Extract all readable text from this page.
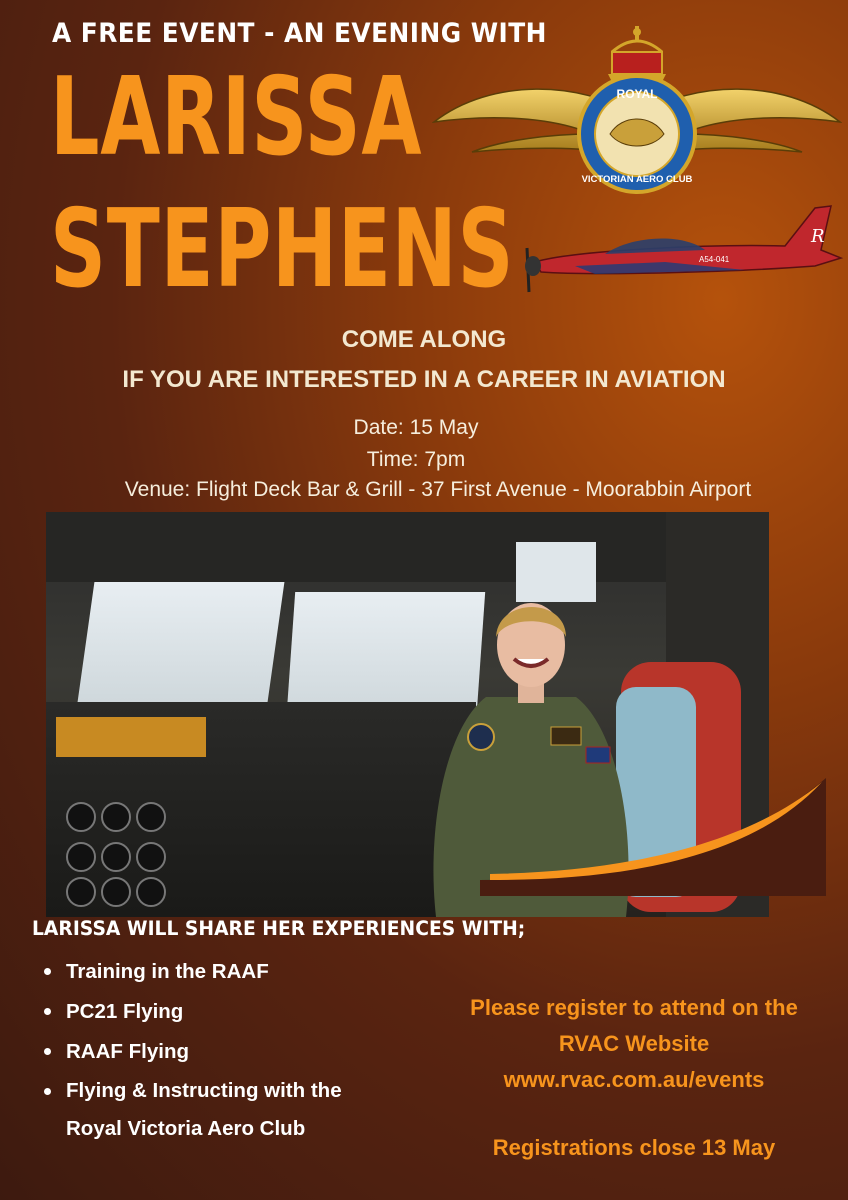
A FREE EVENT - AN EVENING WITH
LARISSA
STEPHENS
ROYAL
VICTORIAN AERO CLUB
A54-041
R
COME ALONG
IF YOU ARE INTERESTED IN A CAREER IN AVIATION
Date: 15 May
Time: 7pm
Venue: Flight Deck Bar & Grill - 37 First Avenue - Moorabbin Airport
LARISSA WILL SHARE HER EXPERIENCES WITH;
Training in the RAAF
PC21 Flying
RAAF Flying
Flying & Instructing with the Royal Victoria Aero Club
Please register to attend on the
RVAC Website
www.rvac.com.au/events
Registrations close 13 May
